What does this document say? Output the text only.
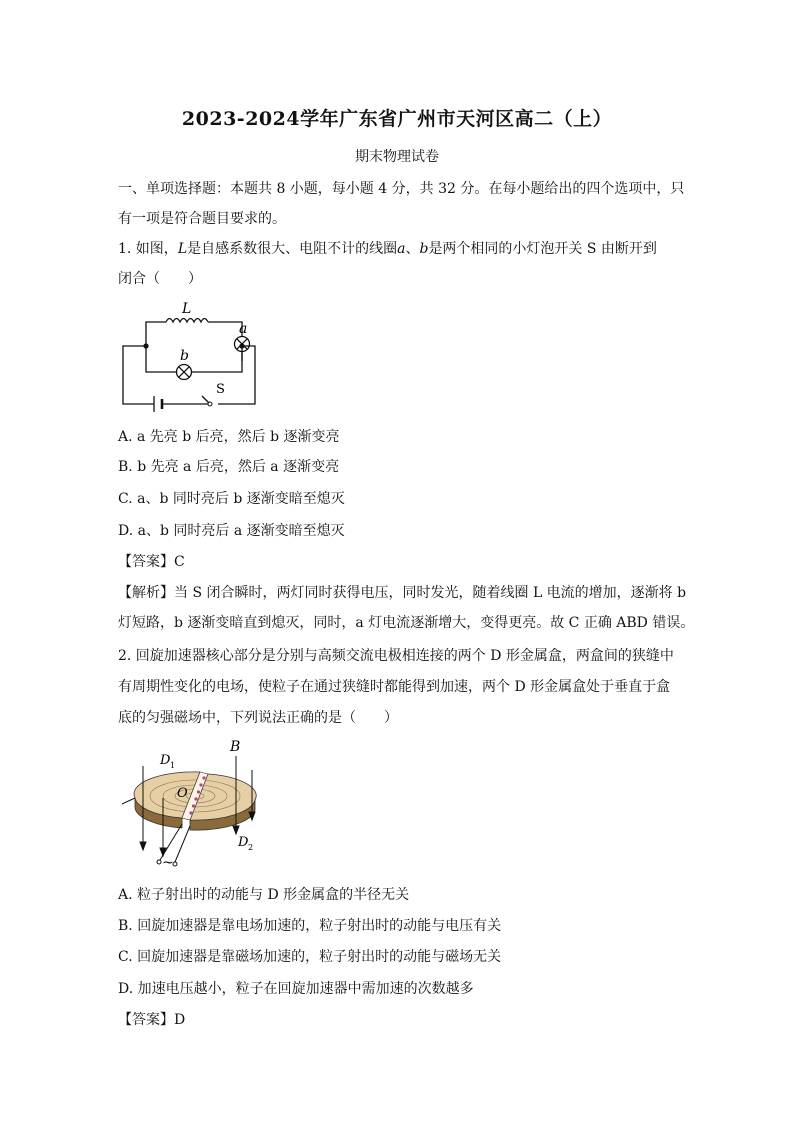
2023-2024学年广东省广州市天河区高二（上）
期末物理试卷
一、单项选择题：本题共 8 小题，每小题 4 分，共 32 分。在每小题给出的四个选项中，只
有一项是符合题目要求的。
1. 如图，L是自感系数很大、电阻不计的线圈a、b是两个相同的小灯泡开关 S 由断开到
闭合（　　）
L
a
b
S
A. a 先亮 b 后亮，然后 b 逐渐变亮
B. b 先亮 a 后亮，然后 a 逐渐变亮
C. a、b 同时亮后 b 逐渐变暗至熄灭
D. a、b 同时亮后 a 逐渐变暗至熄灭
【答案】C
【解析】当 S 闭合瞬时，两灯同时获得电压，同时发光，随着线圈 L 电流的增加，逐渐将 b
灯短路，b 逐渐变暗直到熄灭，同时，a 灯电流逐渐增大，变得更亮。故 C 正确 ABD 错误。
2. 回旋加速器核心部分是分别与高频交流电极相连接的两个 D 形金属盒，两盒间的狭缝中
有周期性变化的电场，使粒子在通过狭缝时都能得到加速，两个 D 形金属盒处于垂直于盒
底的匀强磁场中，下列说法正确的是（　　）
B
D 1
O
D 2
~
A. 粒子射出时的动能与 D 形金属盒的半径无关
B. 回旋加速器是靠电场加速的，粒子射出时的动能与电压有关
C. 回旋加速器是靠磁场加速的，粒子射出时的动能与磁场无关
D. 加速电压越小，粒子在回旋加速器中需加速的次数越多
【答案】D
